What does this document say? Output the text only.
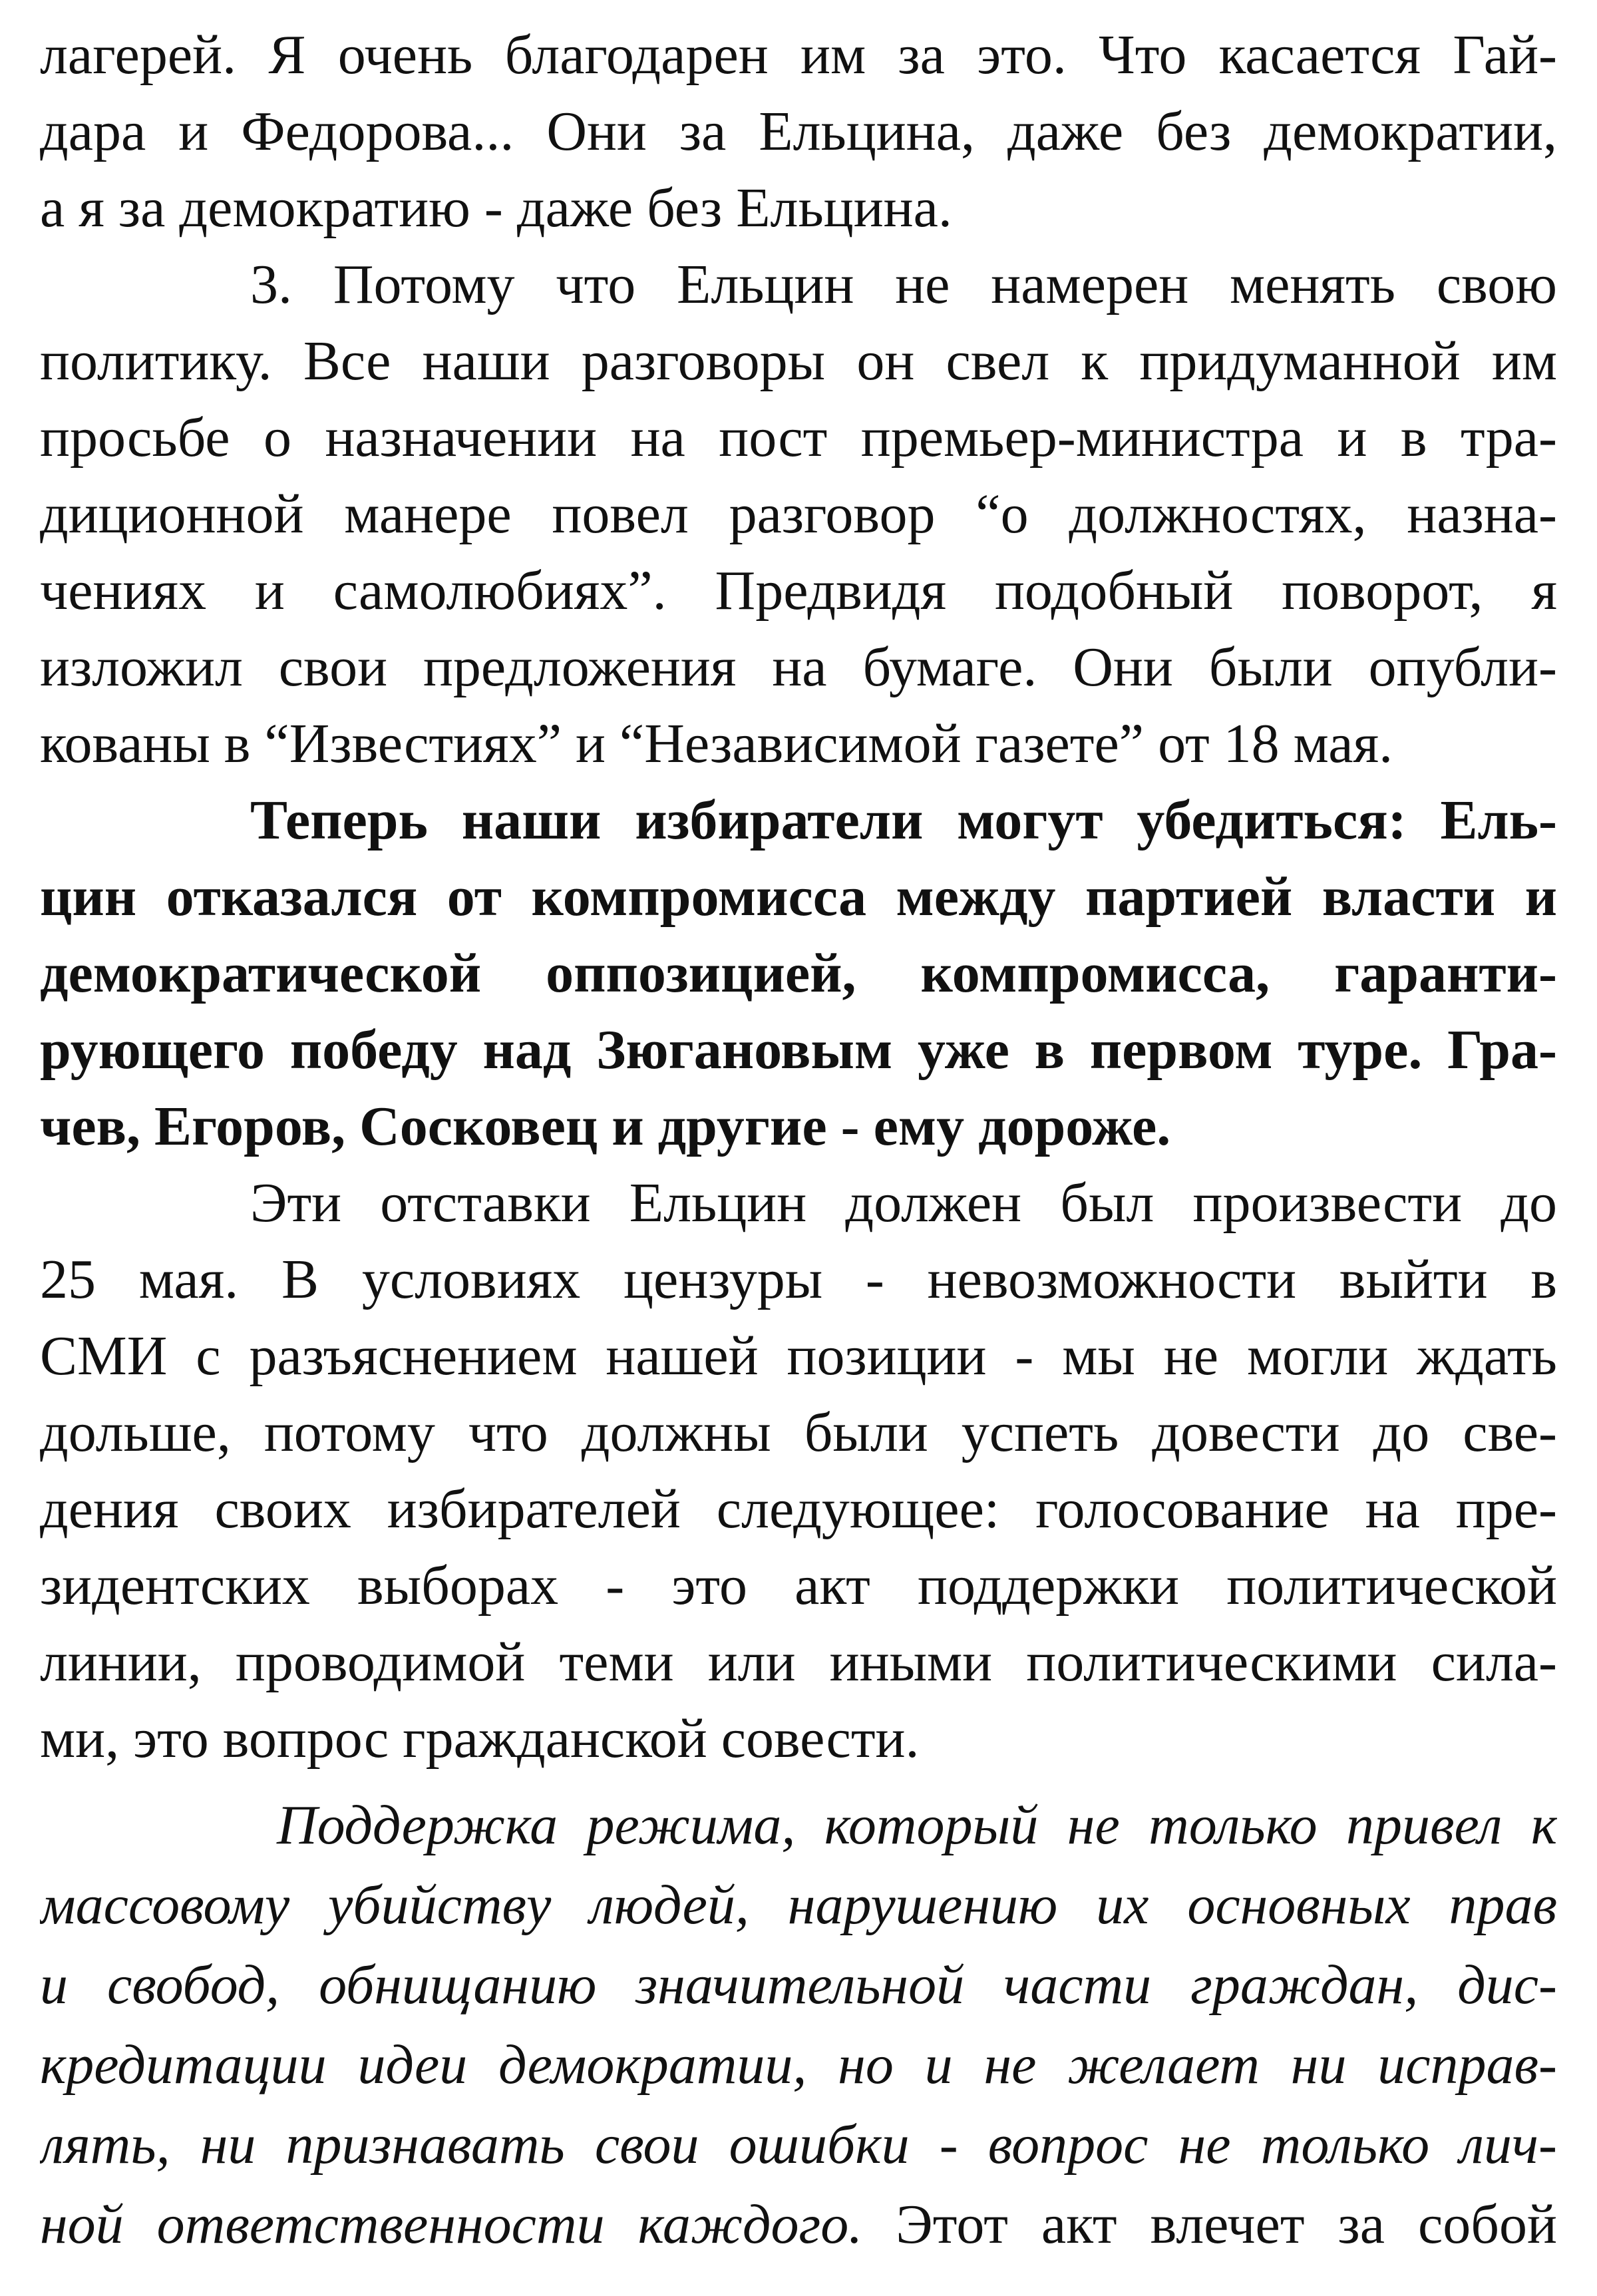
лагерей. Я очень благодарен им за это. Что касается Гай-
дара и Федорова... Они за Ельцина, даже без демократии,
а я за демократию - даже без Ельцина.
3. Потому что Ельцин не намерен менять свою
политику. Все наши разговоры он свел к придуманной им
просьбе о назначении на пост премьер-министра и в тра-
диционной манере повел разговор “о должностях, назна-
чениях и самолюбиях”. Предвидя подобный поворот, я
изложил свои предложения на бумаге. Они были опубли-
кованы в “Известиях” и “Независимой газете” от 18 мая.
Теперь наши избиратели могут убедиться: Ель-
цин отказался от компромисса между партией власти и
демократической оппозицией, компромисса, гаранти-
рующего победу над Зюгановым уже в первом туре. Гра-
чев, Егоров, Сосковец и другие - ему дороже.
Эти отставки Ельцин должен был произвести до
25 мая. В условиях цензуры - невозможности выйти в
СМИ с разъяснением нашей позиции - мы не могли ждать
дольше, потому что должны были успеть довести до све-
дения своих избирателей следующее: голосование на пре-
зидентских выборах - это акт поддержки политической
линии, проводимой теми или иными политическими сила-
ми, это вопрос гражданской совести.
Поддержка режима, который не только привел к
массовому убийству людей, нарушению их основных прав
и свобод, обнищанию значительной части граждан, дис-
кредитации идеи демократии, но и не желает ни исправ-
лять, ни признавать свои ошибки - вопрос не только лич-
ной ответственности каждого. Этот акт влечет за собой
